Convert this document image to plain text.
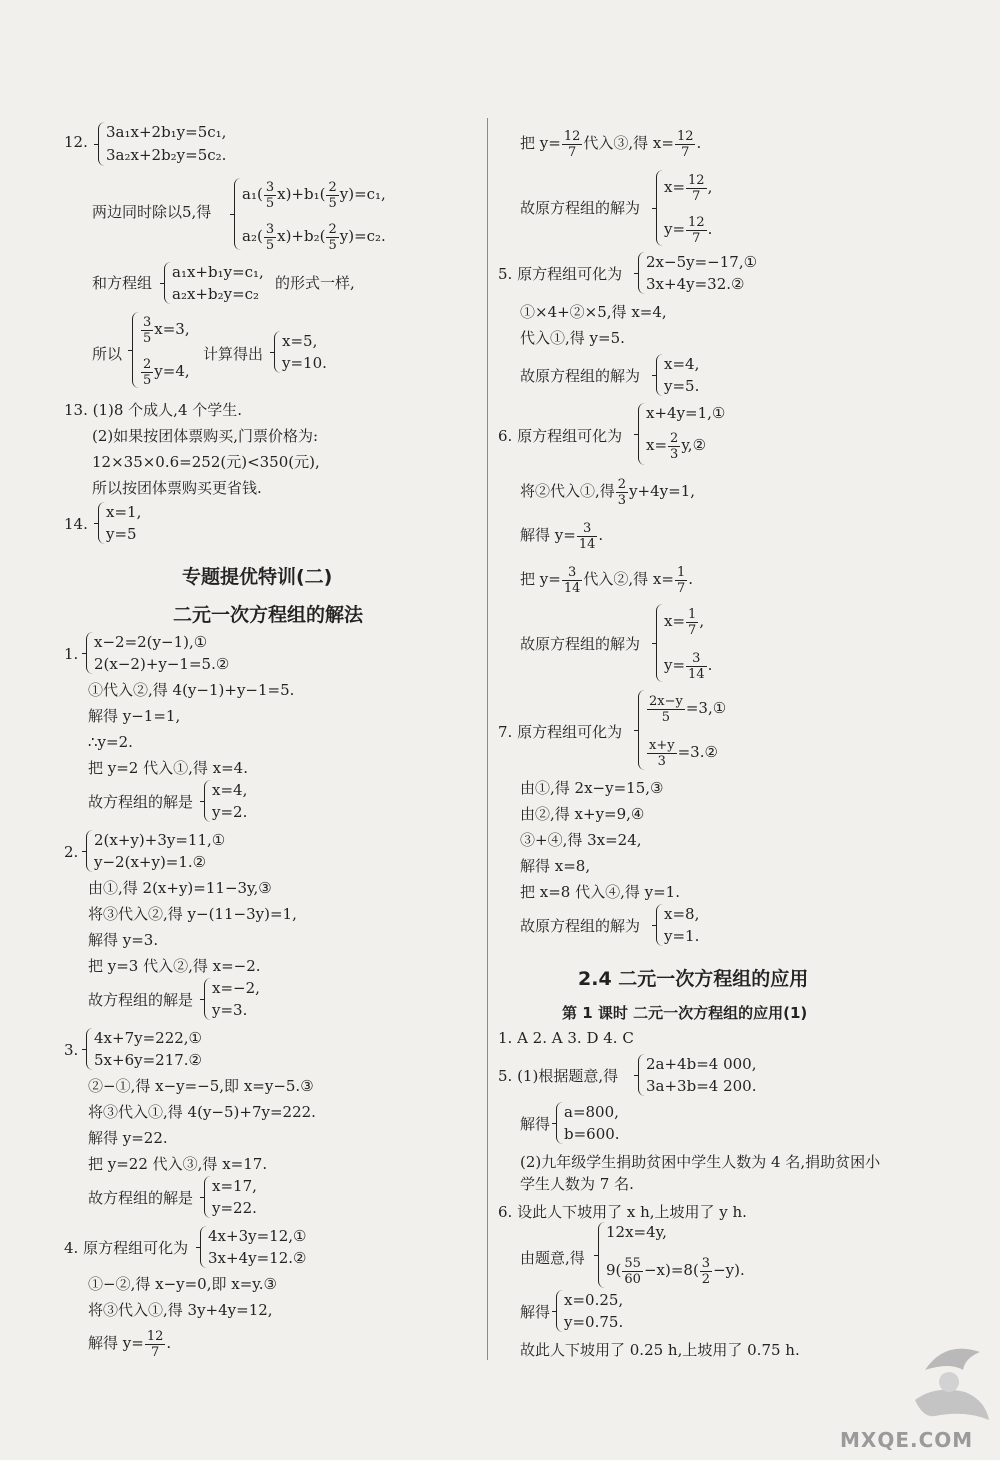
12.
3a₁x+2b₁y=5c₁,
3a₂x+2b₂y=5c₂.
两边同时除以5,得
$a_1( \frac{3}{5} x)+b_1( \frac{2}{5} y)=c_1$,
$a_2( \frac{3}{5} x)+b_2( \frac{2}{5} y)=c_2$.
和方程组
a₁x+b₁y=c₁,
a₂x+b₂y=c₂
的形式一样,
所以
$\frac{3}{5} x=3$,
$\frac{2}{5} y=4$,
计算得出
x=5,
y=10.
13. (1)8 个成人,4 个学生.
(2)如果按团体票购买,门票价格为:
12×35×0.6=252(元)<350(元),
所以按团体票购买更省钱.
14.
x=1,
y=5
专题提优特训(二)
二元一次方程组的解法
1.
x−2=2(y−1),①
2(x−2)+y−1=5.②
①代入②,得 4(y−1)+y−1=5.
解得 y−1=1,
∴y=2.
把 y=2 代入①,得 x=4.
故方程组的解是
x=4,
y=2.
2.
2(x+y)+3y=11,①
y−2(x+y)=1.②
由①,得 2(x+y)=11−3y,③
将③代入②,得 y−(11−3y)=1,
解得 y=3.
把 y=3 代入②,得 x=−2.
故方程组的解是
x=−2,
y=3.
3.
4x+7y=222,①
5x+6y=217.②
②−①,得 x−y=−5,即 x=y−5.③
将③代入①,得 4(y−5)+7y=222.
解得 y=22.
把 y=22 代入③,得 x=17.
故方程组的解是
x=17,
y=22.
4. 原方程组可化为
4x+3y=12,①
3x+4y=12.②
①−②,得 x−y=0,即 x=y.③
将③代入①,得 3y+4y=12,
解得 $y= \frac{12}{7}$ .
把 $y= \frac{12}{7}$ 代入③,得 $x= \frac{12}{7}$ .
故原方程组的解为
$x= \frac{12}{7}$ ,
$y= \frac{12}{7}$ .
5. 原方程组可化为
2x−5y=−17,①
3x+4y=32.②
①×4+②×5,得 x=4,
代入①,得 y=5.
故原方程组的解为
x=4,
y=5.
6. 原方程组可化为
x+4y=1,①
$x= \frac{2}{3}$ y,②
将②代入①,得 $\frac{2}{3} y+4y=1$,
解得 $y= \frac{3}{14}$ .
把 $y= \frac{3}{14}$ 代入②,得 $x= \frac{1}{7}$ .
故原方程组的解为
$x= \frac{1}{7}$ ,
$y= \frac{3}{14}$ .
7. 原方程组可化为
$\frac{2x-y}{5}$ =3,①
$\frac{x+y}{3}$ =3.②
由①,得 2x−y=15,③
由②,得 x+y=9,④
③+④,得 3x=24,
解得 x=8,
把 x=8 代入④,得 y=1.
故原方程组的解为
x=8,
y=1.
2.4 二元一次方程组的应用
第 1 课时 二元一次方程组的应用(1)
1. A 2. A 3. D 4. C
5. (1)根据题意,得
2a+4b=4 000,
3a+3b=4 200.
解得
a=800,
b=600.
(2)九年级学生捐助贫困中学生人数为 4 名,捐助贫困小
学生人数为 7 名.
6. 设此人下坡用了 x h,上坡用了 y h.
由题意,得
12x=4y,
$9( \frac{55}{60} -x)=8( \frac{3}{2} -y)$.
解得
x=0.25,
y=0.75.
故此人下坡用了 0.25 h,上坡用了 0.75 h.
MXQE.COM
